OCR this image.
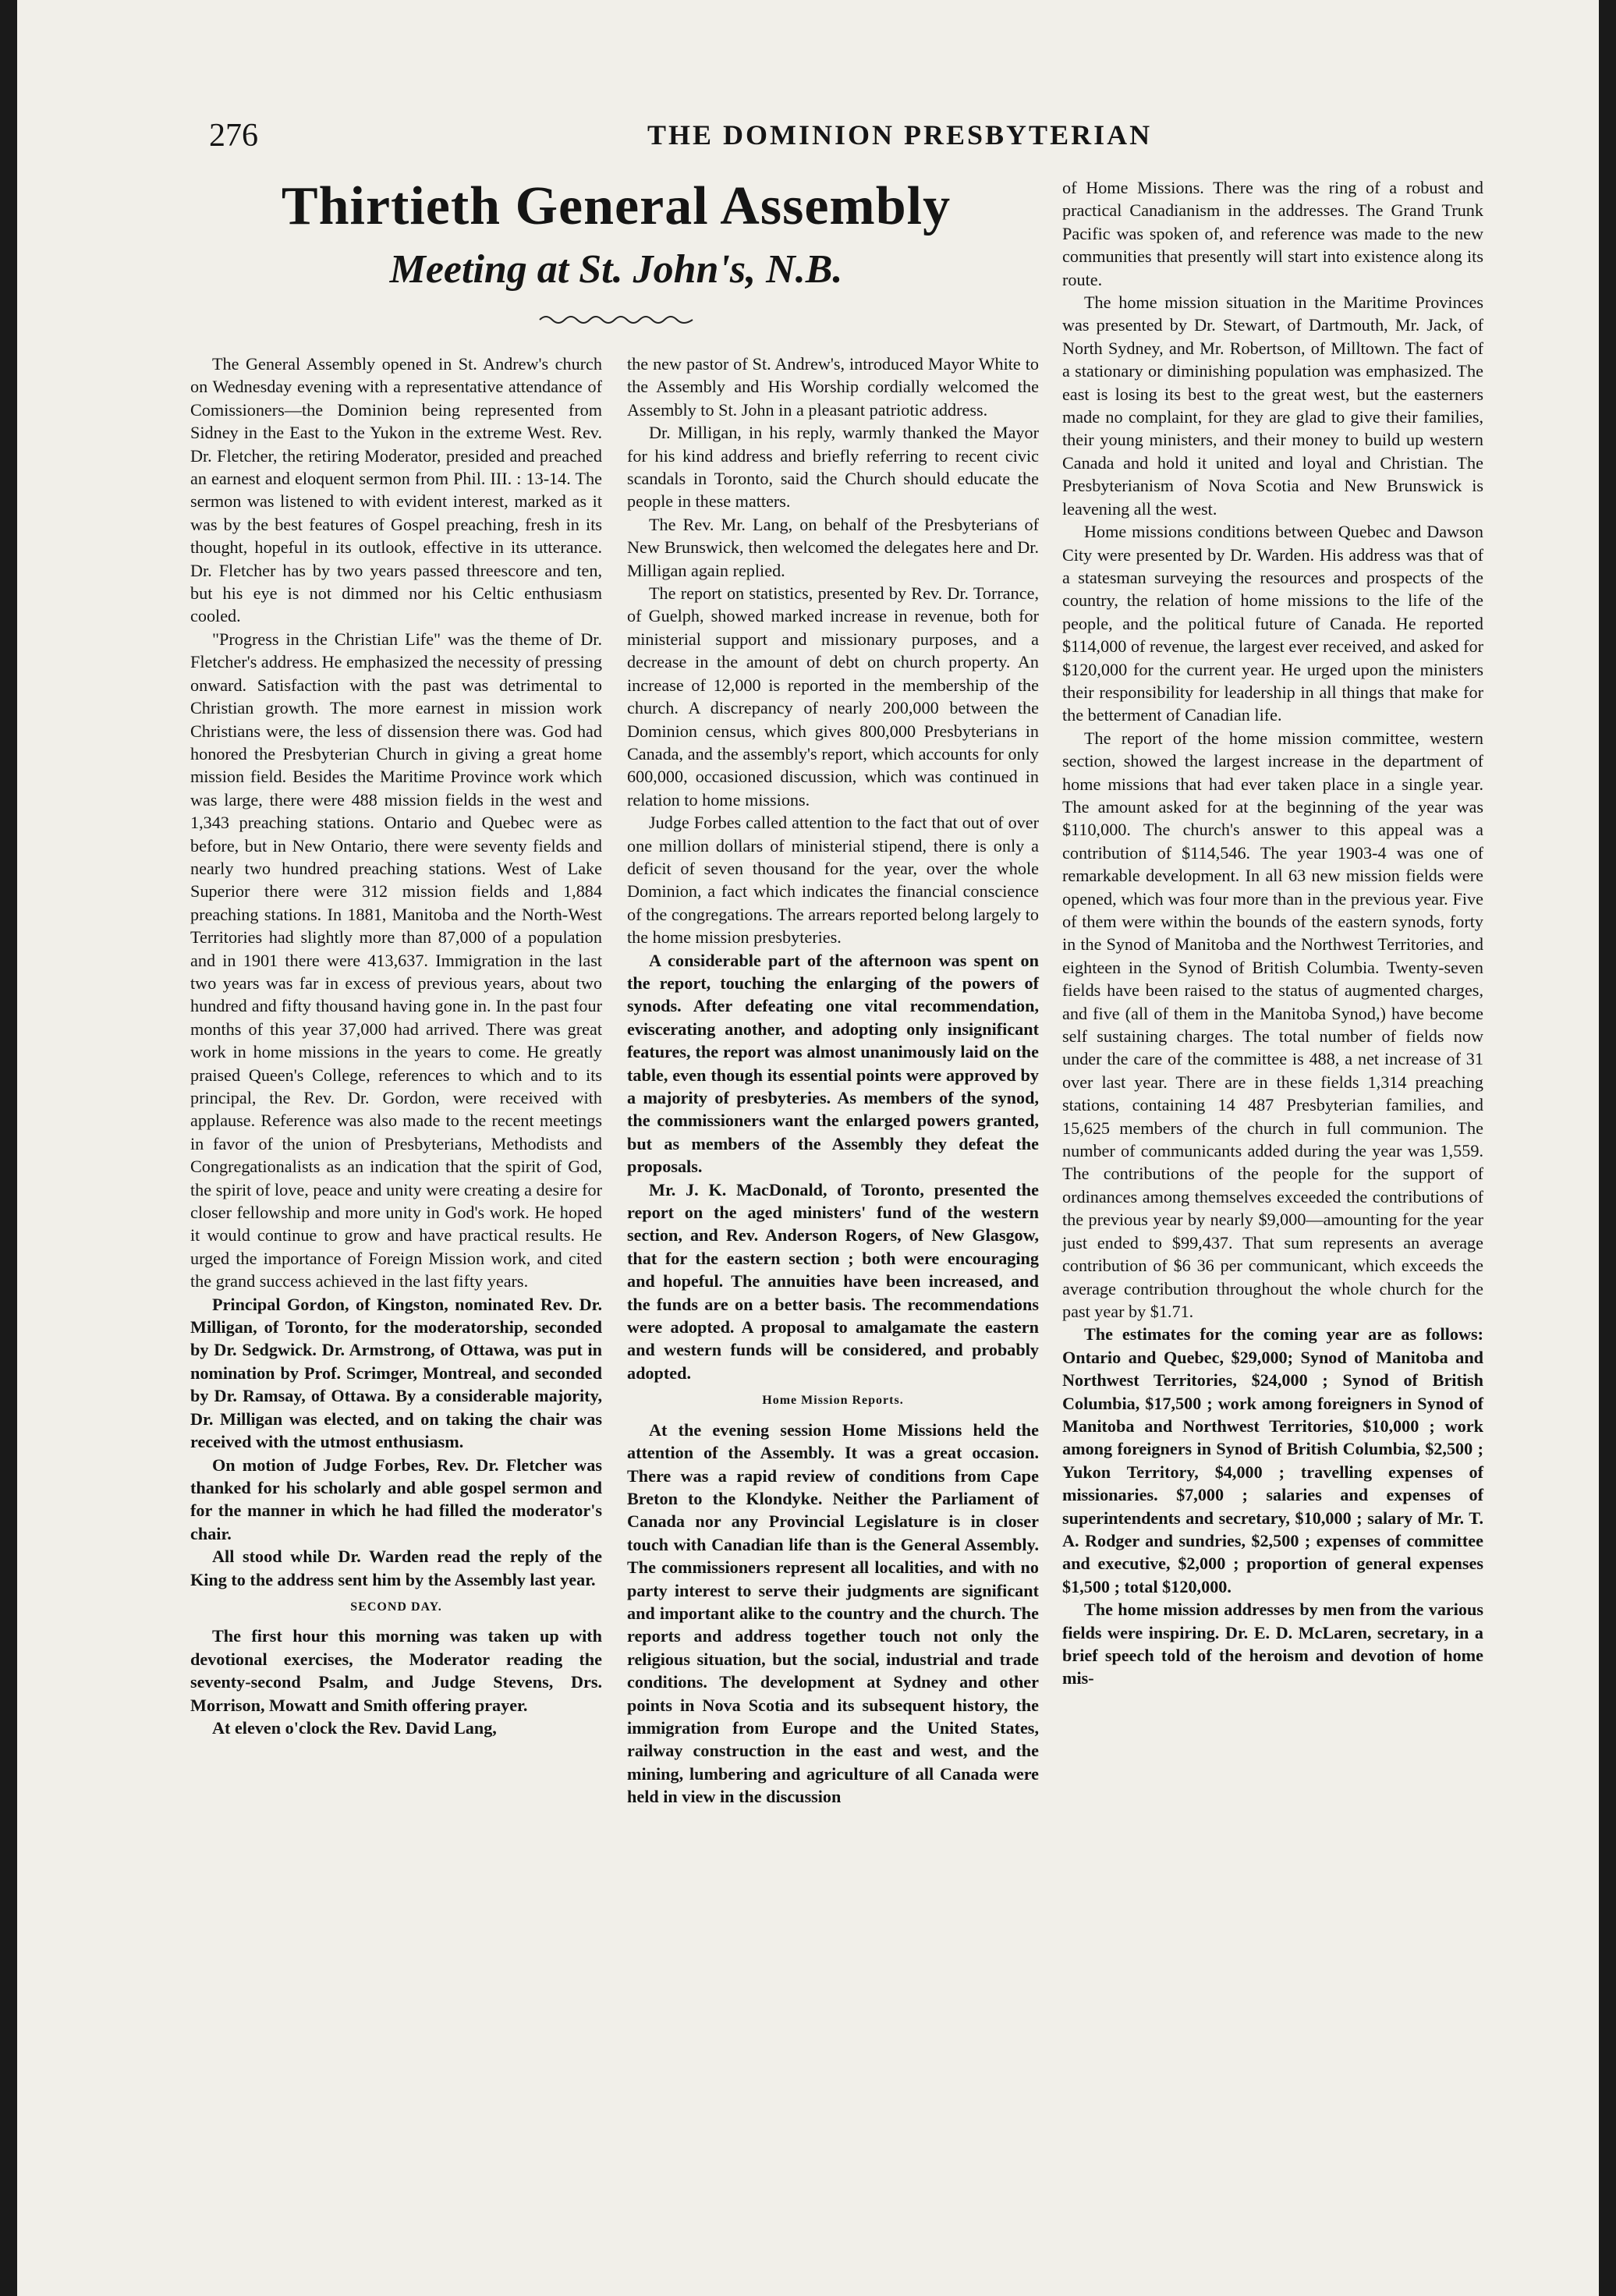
276	THE DOMINION PRESBYTERIAN
Thirtieth General Assembly
Meeting at St. John's, N.B.

The General Assembly opened in St. Andrew's church on Wednesday evening with a representative attendance of Comissioners—the Dominion being represented from Sidney in the East to the Yukon in the extreme West. Rev. Dr. Fletcher, the retiring Moderator, presided and preached an earnest and eloquent sermon from Phil. III. : 13-14. The sermon was listened to with evident interest, marked as it was by the best features of Gospel preaching, fresh in its thought, hopeful in its outlook, effective in its utterance. Dr. Fletcher has by two years passed threescore and ten, but his eye is not dimmed nor his Celtic enthusiasm cooled.

"Progress in the Christian Life" was the theme of Dr. Fletcher's address. He emphasized the necessity of pressing onward. Satisfaction with the past was detrimental to Christian growth. The more earnest in mission work Christians were, the less of dissension there was. God had honored the Presbyterian Church in giving a great home mission field. Besides the Maritime Province work which was large, there were 488 mission fields in the west and 1,343 preaching stations. Ontario and Quebec were as before, but in New Ontario, there were seventy fields and nearly two hundred preaching stations. West of Lake Superior there were 312 mission fields and 1,884 preaching stations. In 1881, Manitoba and the North-West Territories had slightly more than 87,000 of a population and in 1901 there were 413,637. Immigration in the last two years was far in excess of previous years, about two hundred and fifty thousand having gone in. In the past four months of this year 37,000 had arrived. There was great work in home missions in the years to come. He greatly praised Queen's College, references to which and to its principal, the Rev. Dr. Gordon, were received with applause. Reference was also made to the recent meetings in favor of the union of Presbyterians, Methodists and Congregationalists as an indication that the spirit of God, the spirit of love, peace and unity were creating a desire for closer fellowship and more unity in God's work. He hoped it would continue to grow and have practical results. He urged the importance of Foreign Mission work, and cited the grand success achieved in the last fifty years.

Principal Gordon, of Kingston, nominated Rev. Dr. Milligan, of Toronto, for the moderatorship, seconded by Dr. Sedgwick. Dr. Armstrong, of Ottawa, was put in nomination by Prof. Scrimger, Montreal, and seconded by Dr. Ramsay, of Ottawa. By a considerable majority, Dr. Milligan was elected, and on taking the chair was received with the utmost enthusiasm.

On motion of Judge Forbes, Rev. Dr. Fletcher was thanked for his scholarly and able gospel sermon and for the manner in which he had filled the moderator's chair.

All stood while Dr. Warden read the reply of the King to the address sent him by the Assembly last year.

SECOND DAY.

The first hour this morning was taken up with devotional exercises, the Moderator reading the seventy-second Psalm, and Judge Stevens, Drs. Morrison, Mowatt and Smith offering prayer.

At eleven o'clock the Rev. David Lang,

the new pastor of St. Andrew's, introduced Mayor White to the Assembly and His Worship cordially welcomed the Assembly to St. John in a pleasant patriotic address.

Dr. Milligan, in his reply, warmly thanked the Mayor for his kind address and briefly referring to recent civic scandals in Toronto, said the Church should educate the people in these matters.

The Rev. Mr. Lang, on behalf of the Presbyterians of New Brunswick, then welcomed the delegates here and Dr. Milligan again replied.

The report on statistics, presented by Rev. Dr. Torrance, of Guelph, showed marked increase in revenue, both for ministerial support and missionary purposes, and a decrease in the amount of debt on church property. An increase of 12,000 is reported in the membership of the church. A discrepancy of nearly 200,000 between the Dominion census, which gives 800,000 Presbyterians in Canada, and the assembly's report, which accounts for only 600,000, occasioned discussion, which was continued in relation to home missions.

Judge Forbes called attention to the fact that out of over one million dollars of ministerial stipend, there is only a deficit of seven thousand for the year, over the whole Dominion, a fact which indicates the financial conscience of the congregations. The arrears reported belong largely to the home mission presbyteries.

A considerable part of the afternoon was spent on the report, touching the enlarging of the powers of synods. After defeating one vital recommendation, eviscerating another, and adopting only insignificant features, the report was almost unanimously laid on the table, even though its essential points were approved by a majority of presbyteries. As members of the synod, the commissioners want the enlarged powers granted, but as members of the Assembly they defeat the proposals.

Mr. J. K. MacDonald, of Toronto, presented the report on the aged ministers' fund of the western section, and Rev. Anderson Rogers, of New Glasgow, that for the eastern section ; both were encouraging and hopeful. The annuities have been increased, and the funds are on a better basis. The recommendations were adopted. A proposal to amalgamate the eastern and western funds will be considered, and probably adopted.

Home Mission Reports.

At the evening session Home Missions held the attention of the Assembly. It was a great occasion. There was a rapid review of conditions from Cape Breton to the Klondyke. Neither the Parliament of Canada nor any Provincial Legislature is in closer touch with Canadian life than is the General Assembly. The commissioners represent all localities, and with no party interest to serve their judgments are significant and important alike to the country and the church. The reports and address together touch not only the religious situation, but the social, industrial and trade conditions. The development at Sydney and other points in Nova Scotia and its subsequent history, the immigration from Europe and the United States, railway construction in the east and west, and the mining, lumbering and agriculture of all Canada were held in view in the discussion

of Home Missions. There was the ring of a robust and practical Canadianism in the addresses. The Grand Trunk Pacific was spoken of, and reference was made to the new communities that presently will start into existence along its route.

The home mission situation in the Maritime Provinces was presented by Dr. Stewart, of Dartmouth, Mr. Jack, of North Sydney, and Mr. Robertson, of Milltown. The fact of a stationary or diminishing population was emphasized. The east is losing its best to the great west, but the easterners made no complaint, for they are glad to give their families, their young ministers, and their money to build up western Canada and hold it united and loyal and Christian. The Presbyterianism of Nova Scotia and New Brunswick is leavening all the west.

Home missions conditions between Quebec and Dawson City were presented by Dr. Warden. His address was that of a statesman surveying the resources and prospects of the country, the relation of home missions to the life of the people, and the political future of Canada. He reported $114,000 of revenue, the largest ever received, and asked for $120,000 for the current year. He urged upon the ministers their responsibility for leadership in all things that make for the betterment of Canadian life.

The report of the home mission committee, western section, showed the largest increase in the department of home missions that had ever taken place in a single year. The amount asked for at the beginning of the year was $110,000. The church's answer to this appeal was a contribution of $114,546. The year 1903-4 was one of remarkable development. In all 63 new mission fields were opened, which was four more than in the previous year. Five of them were within the bounds of the eastern synods, forty in the Synod of Manitoba and the Northwest Territories, and eighteen in the Synod of British Columbia. Twenty-seven fields have been raised to the status of augmented charges, and five (all of them in the Manitoba Synod,) have become self sustaining charges. The total number of fields now under the care of the committee is 488, a net increase of 31 over last year. There are in these fields 1,314 preaching stations, containing 14 487 Presbyterian families, and 15,625 members of the church in full communion. The number of communicants added during the year was 1,559. The contributions of the people for the support of ordinances among themselves exceeded the contributions of the previous year by nearly $9,000—amounting for the year just ended to $99,437. That sum represents an average contribution of $6 36 per communicant, which exceeds the average contribution throughout the whole church for the past year by $1.71.

The estimates for the coming year are as follows: Ontario and Quebec, $29,000; Synod of Manitoba and Northwest Territories, $24,000 ; Synod of British Columbia, $17,500 ; work among foreigners in Synod of Manitoba and Northwest Territories, $10,000 ; work among foreigners in Synod of British Columbia, $2,500 ; Yukon Territory, $4,000 ; travelling expenses of missionaries. $7,000 ; salaries and expenses of superintendents and secretary, $10,000 ; salary of Mr. T. A. Rodger and sundries, $2,500 ; expenses of committee and executive, $2,000 ; proportion of general expenses $1,500 ; total $120,000.

The home mission addresses by men from the various fields were inspiring. Dr. E. D. McLaren, secretary, in a brief speech told of the heroism and devotion of home mis-
